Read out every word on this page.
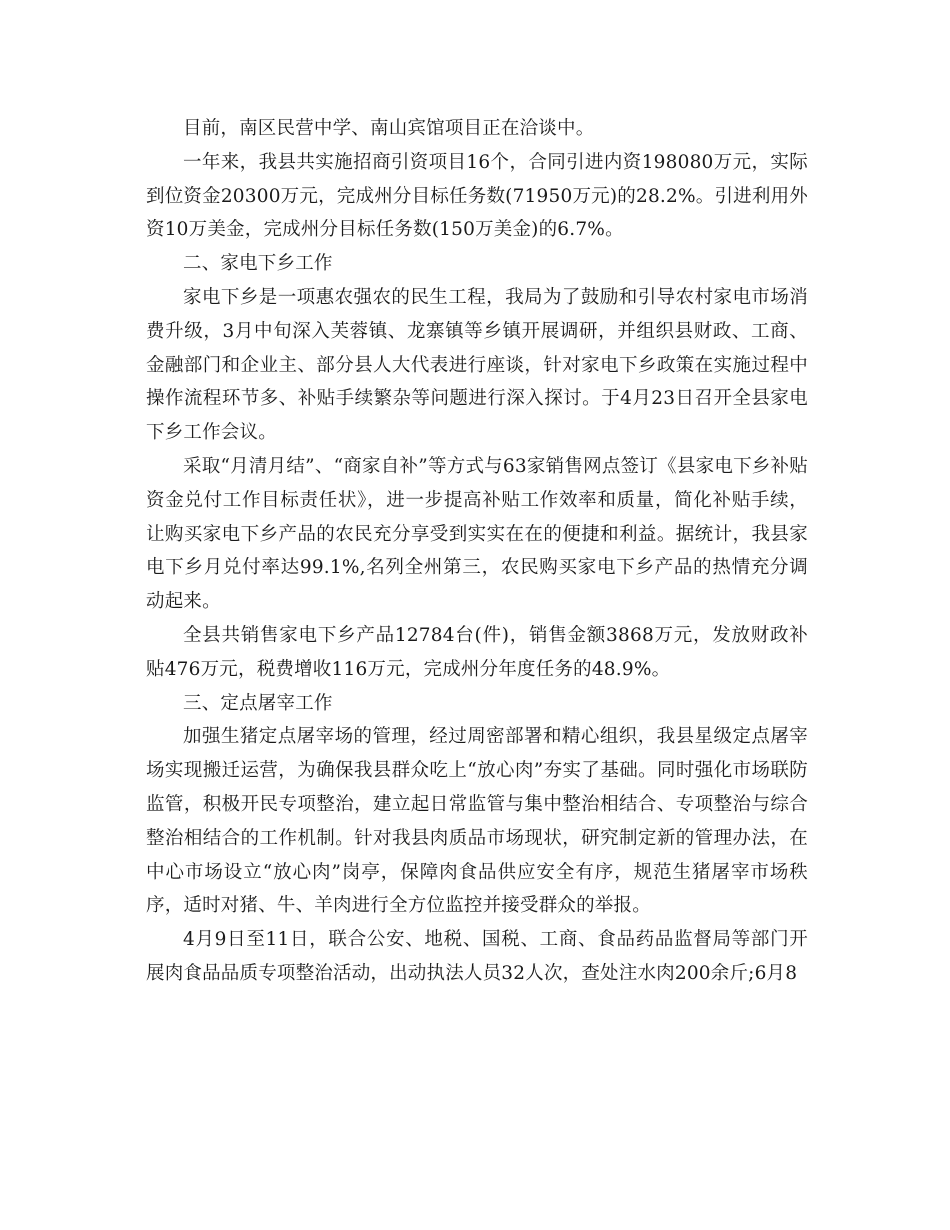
目前，南区民营中学、南山宾馆项目正在洽谈中。

一年来，我县共实施招商引资项目16个，合同引进内资198080万元，实际到位资金20300万元，完成州分目标任务数(71950万元)的28.2%。引进利用外资10万美金，完成州分目标任务数(150万美金)的6.7%。

二、家电下乡工作

家电下乡是一项惠农强农的民生工程，我局为了鼓励和引导农村家电市场消费升级，3月中旬深入芙蓉镇、龙寨镇等乡镇开展调研，并组织县财政、工商、金融部门和企业主、部分县人大代表进行座谈，针对家电下乡政策在实施过程中操作流程环节多、补贴手续繁杂等问题进行深入探讨。于4月23日召开全县家电下乡工作会议。

采取“月清月结”、“商家自补”等方式与63家销售网点签订《县家电下乡补贴资金兑付工作目标责任状》，进一步提高补贴工作效率和质量，简化补贴手续，让购买家电下乡产品的农民充分享受到实实在在的便捷和利益。据统计，我县家电下乡月兑付率达99.1%,名列全州第三，农民购买家电下乡产品的热情充分调动起来。

全县共销售家电下乡产品12784台(件)，销售金额3868万元，发放财政补贴476万元，税费增收116万元，完成州分年度任务的48.9%。

三、定点屠宰工作

加强生猪定点屠宰场的管理，经过周密部署和精心组织，我县星级定点屠宰场实现搬迁运营，为确保我县群众吃上“放心肉”夯实了基础。同时强化市场联防监管，积极开民专项整治，建立起日常监管与集中整治相结合、专项整治与综合整治相结合的工作机制。针对我县肉质品市场现状，研究制定新的管理办法，在中心市场设立“放心肉”岗亭，保障肉食品供应安全有序，规范生猪屠宰市场秩序，适时对猪、牛、羊肉进行全方位监控并接受群众的举报。

4月9日至11日，联合公安、地税、国税、工商、食品药品监督局等部门开展肉食品品质专项整治活动，出动执法人员32人次，查处注水肉200余斤;6月8
